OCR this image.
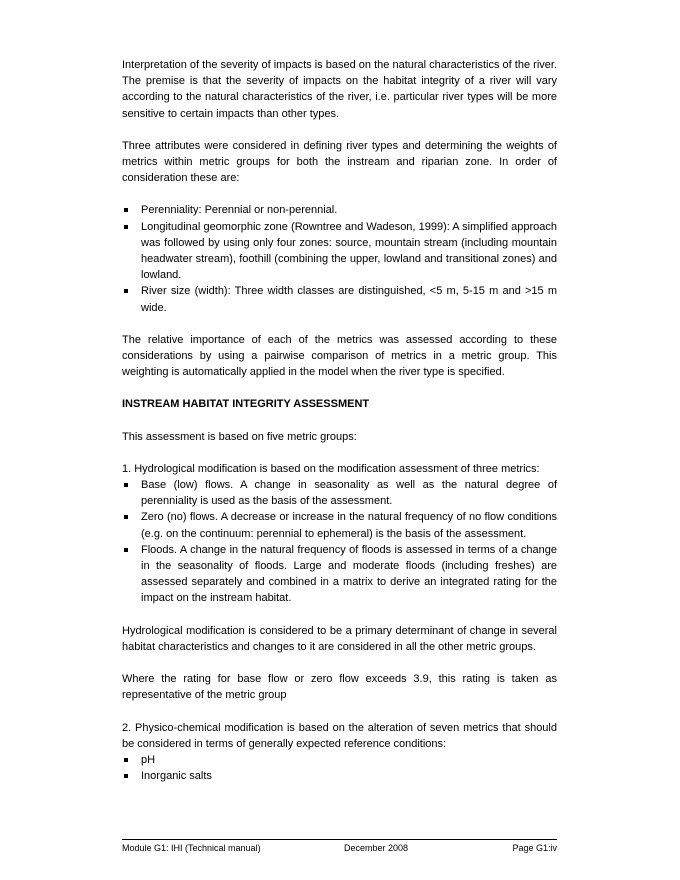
Interpretation of the severity of impacts is based on the natural characteristics of the river. The premise is that the severity of impacts on the habitat integrity of a river will vary according to the natural characteristics of the river, i.e. particular river types will be more sensitive to certain impacts than other types.

Three attributes were considered in defining river types and determining the weights of metrics within metric groups for both the instream and riparian zone. In order of consideration these are:

Perenniality: Perennial or non-perennial.
Longitudinal geomorphic zone (Rowntree and Wadeson, 1999): A simplified approach was followed by using only four zones: source, mountain stream (including mountain headwater stream), foothill (combining the upper, lowland and transitional zones) and lowland.
River size (width): Three width classes are distinguished, <5 m, 5-15 m and >15 m wide.

The relative importance of each of the metrics was assessed according to these considerations by using a pairwise comparison of metrics in a metric group. This weighting is automatically applied in the model when the river type is specified.

INSTREAM HABITAT INTEGRITY ASSESSMENT

This assessment is based on five metric groups:

1. Hydrological modification is based on the modification assessment of three metrics:

Base (low) flows. A change in seasonality as well as the natural degree of perenniality is used as the basis of the assessment.
Zero (no) flows. A decrease or increase in the natural frequency of no flow conditions (e.g. on the continuum: perennial to ephemeral) is the basis of the assessment.
Floods. A change in the natural frequency of floods is assessed in terms of a change in the seasonality of floods. Large and moderate floods (including freshes) are assessed separately and combined in a matrix to derive an integrated rating for the impact on the instream habitat.

Hydrological modification is considered to be a primary determinant of change in several habitat characteristics and changes to it are considered in all the other metric groups.

Where the rating for base flow or zero flow exceeds 3.9, this rating is taken as representative of the metric group

2. Physico-chemical modification is based on the alteration of seven metrics that should be considered in terms of generally expected reference conditions:

pH
Inorganic salts
Module G1: IHI (Technical manual)	December 2008	Page G1:iv
